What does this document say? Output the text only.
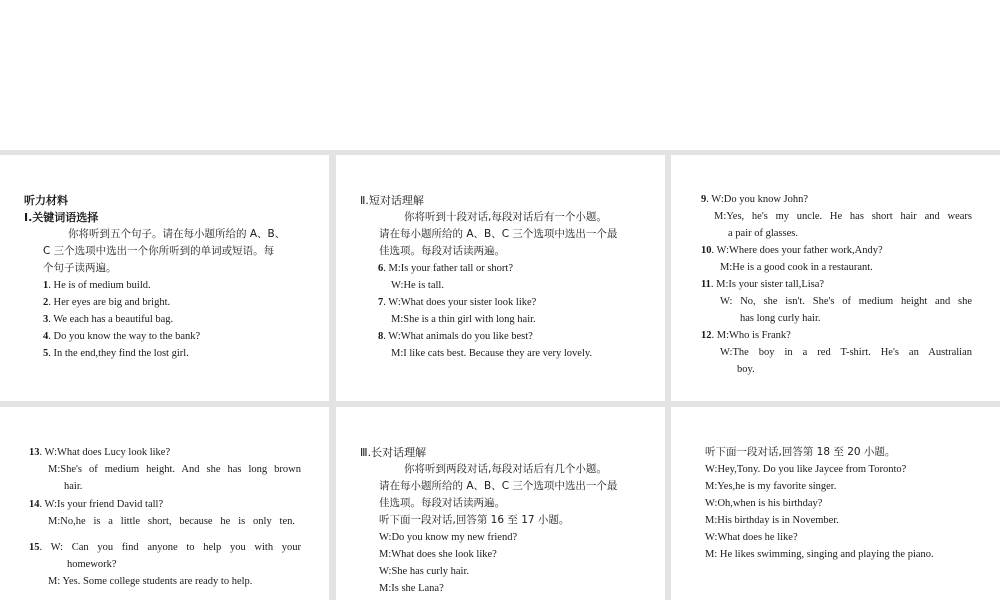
听力材料
Ⅰ.关键词语选择
你将听到五个句子。请在每小题所给的 A、B、
C 三个选项中选出一个你所听到的单词或短语。每
个句子读两遍。
1. He is of medium build.
2. Her eyes are big and bright.
3. We each has a beautiful bag.
4. Do you know the way to the bank?
5. In the end,they find the lost girl.
Ⅱ.短对话理解
你将听到十段对话,每段对话后有一个小题。
请在每小题所给的 A、B、C 三个选项中选出一个最
佳选项。每段对话读两遍。
6. M:Is your father tall or short?
W:He is tall.
7. W:What does your sister look like?
M:She is a thin girl with long hair.
8. W:What animals do you like best?
M:I like cats best. Because they are very lovely.
9. W:Do you know John?
M:Yes, he's my uncle. He has short hair and wears
a pair of glasses.
10. W:Where does your father work,Andy?
M:He is a good cook in a restaurant.
11. M:Is your sister tall,Lisa?
W: No, she isn't. She's of medium height and she
has long curly hair.
12. M:Who is Frank?
W:The boy in a red T-shirt. He's an Australian
boy.
13. W:What does Lucy look like?
M:She's of medium height. And she has long brown
hair.
14. W:Is your friend David tall?
M:No,he is a little short, because he is only ten.
15. W: Can you find anyone to help you with your
homework?
M: Yes. Some college students are ready to help.
Ⅲ.长对话理解
你将听到两段对话,每段对话后有几个小题。
请在每小题所给的 A、B、C 三个选项中选出一个最
佳选项。每段对话读两遍。
听下面一段对话,回答第 16 至 17 小题。
W:Do you know my new friend?
M:What does she look like?
W:She has curly hair.
M:Is she Lana?
听下面一段对话,回答第 18 至 20 小题。
W:Hey,Tony. Do you like Jaycee from Toronto?
M:Yes,he is my favorite singer.
W:Oh,when is his birthday?
M:His birthday is in November.
W:What does he like?
M: He likes swimming, singing and playing the piano.
